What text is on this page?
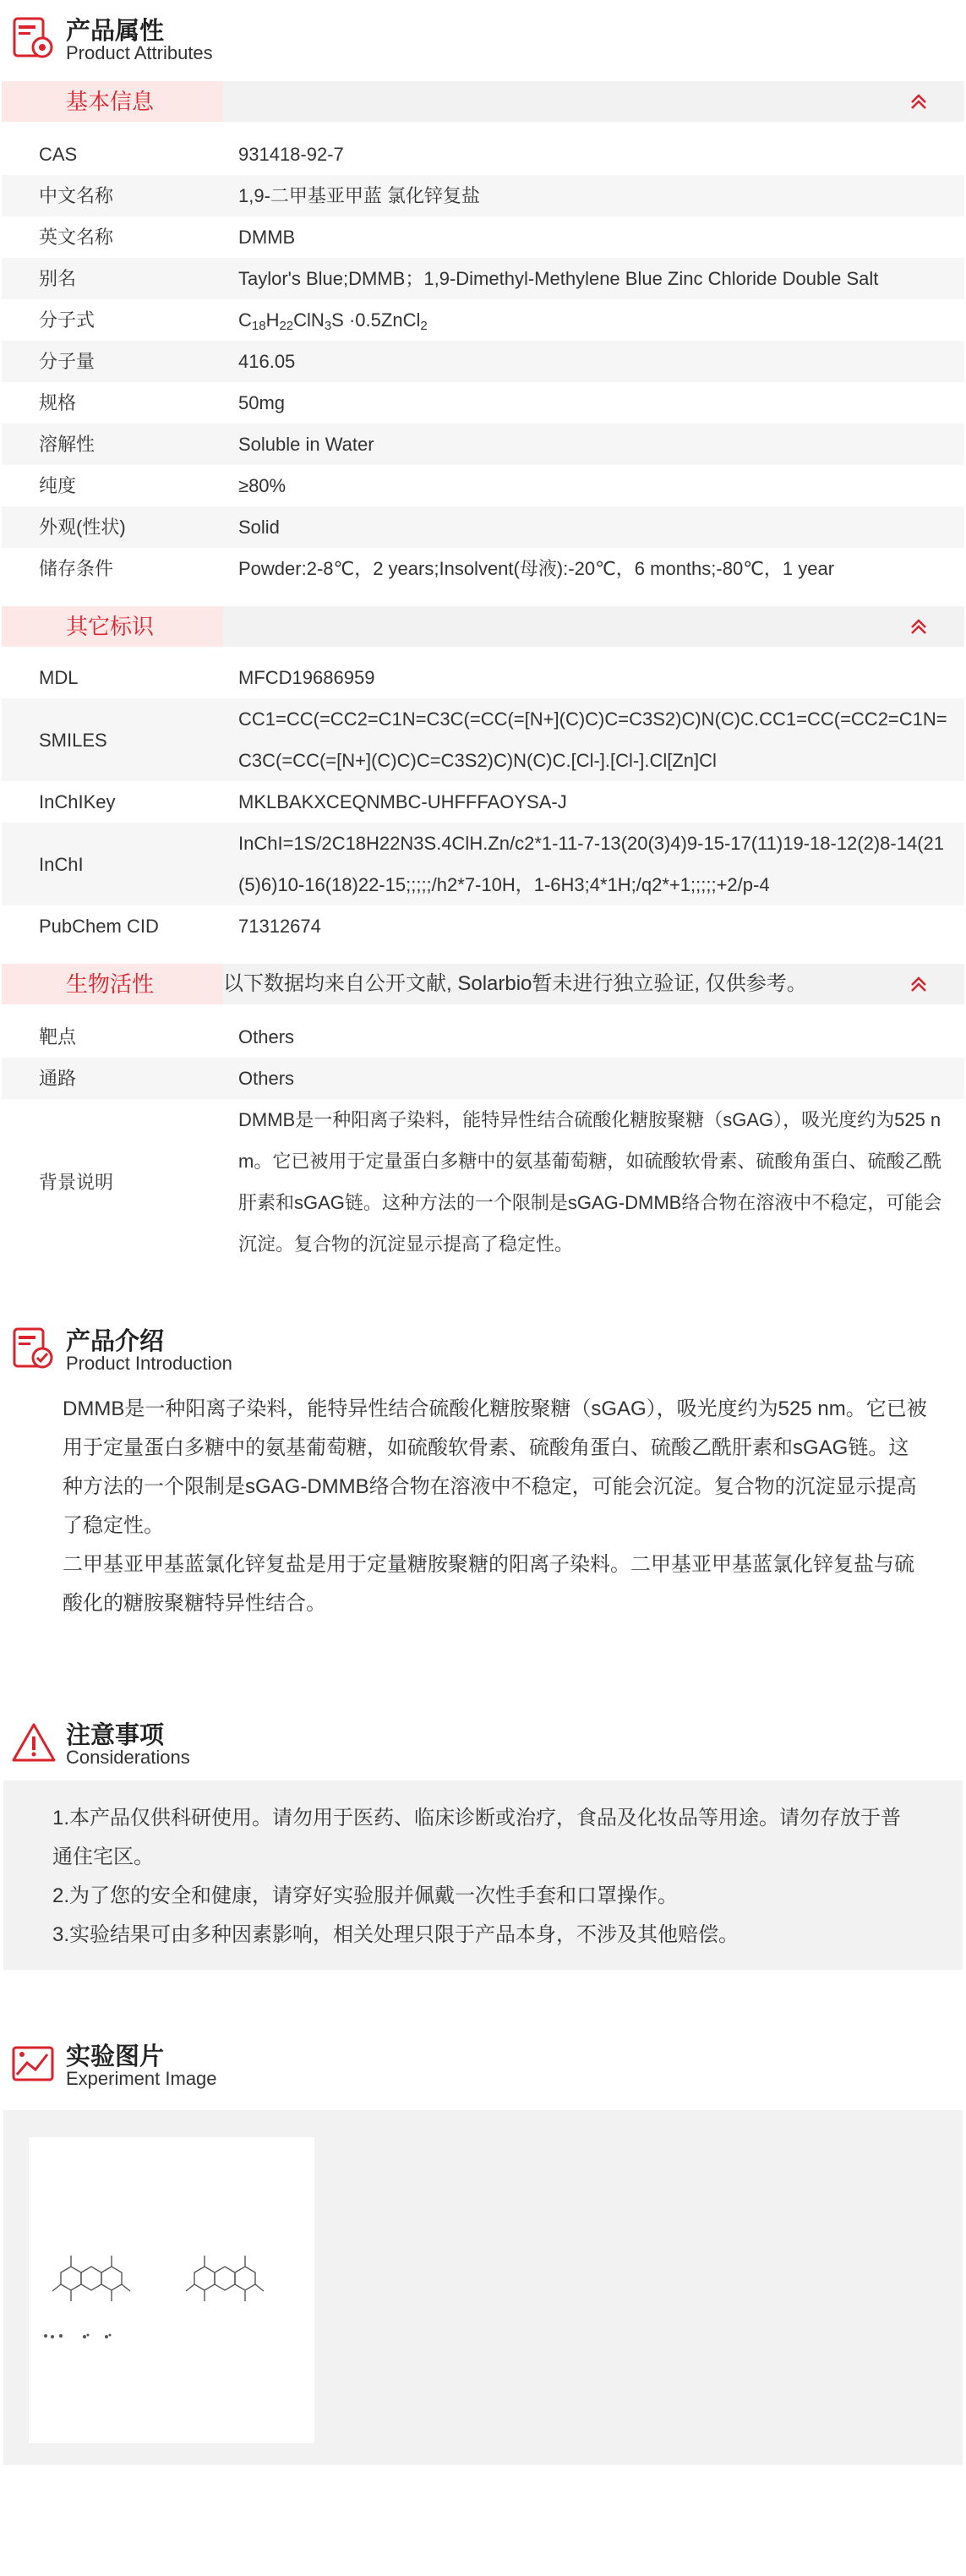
产品属性
Product Attributes
基本信息
CAS	931418-92-7
中文名称	1,9-二甲基亚甲蓝 氯化锌复盐
英文名称	DMMB
别名	Taylor's Blue;DMMB；1,9-Dimethyl-Methylene Blue Zinc Chloride Double Salt
分子式	$C_{18}H_{22}ClN_3S$ ·0.5ZnCl$_2$
分子量	416.05
规格	50mg
溶解性	Soluble in Water
纯度	≥80%
外观(性状)	Solid
储存条件	Powder:2-8℃，2 years;Insolvent(母液):-20℃，6 months;-80℃，1 year
其它标识
MDL	MFCD19686959
SMILES
CC1=CC(=CC2=C1N=C3C(=CC(=[N+](C)C)C=C3S2)C)N(C)C.CC1=CC(=CC2=C1N=C3C(=CC(=[N+](C)C)C=C3S2)C)N(C)C.[Cl-].[Cl-].Cl[Zn]Cl
InChIKey	MKLBAKXCEQNMBC-UHFFFAOYSA-J
InChI
InChI=1S/2C18H22N3S.4ClH.Zn/c2*1-11-7-13(20(3)4)9-15-17(11)19-18-12(2)8-14(21(5)6)10-16(18)22-15;;;;;/h2*7-10H，1-6H3;4*1H;/q2*+1;;;;;+2/p-4
PubChem CID	71312674
生物活性	以下数据均来自公开文献, Solarbio暂未进行独立验证, 仅供参考。
靶点	Others
通路	Others
背景说明
DMMB是一种阳离子染料，能特异性结合硫酸化糖胺聚糖（sGAG），吸光度约为525 nm。它已被用于定量蛋白多糖中的氨基葡萄糖，如硫酸软骨素、硫酸角蛋白、硫酸乙酰肝素和sGAG链。这种方法的一个限制是sGAG-DMMB络合物在溶液中不稳定，可能会沉淀。复合物的沉淀显示提高了稳定性。
产品介绍
Product Introduction

DMMB是一种阳离子染料，能特异性结合硫酸化糖胺聚糖（sGAG），吸光度约为525 nm。它已被用于定量蛋白多糖中的氨基葡萄糖，如硫酸软骨素、硫酸角蛋白、硫酸乙酰肝素和sGAG链。这种方法的一个限制是sGAG-DMMB络合物在溶液中不稳定，可能会沉淀。复合物的沉淀显示提高了稳定性。

二甲基亚甲基蓝氯化锌复盐是用于定量糖胺聚糖的阳离子染料。二甲基亚甲基蓝氯化锌复盐与硫酸化的糖胺聚糖特异性结合。

注意事项
Considerations

1.本产品仅供科研使用。请勿用于医药、临床诊断或治疗，食品及化妆品等用途。请勿存放于普通住宅区。

2.为了您的安全和健康，请穿好实验服并佩戴一次性手套和口罩操作。

3.实验结果可由多种因素影响，相关处理只限于产品本身，不涉及其他赔偿。

实验图片
Experiment Image
